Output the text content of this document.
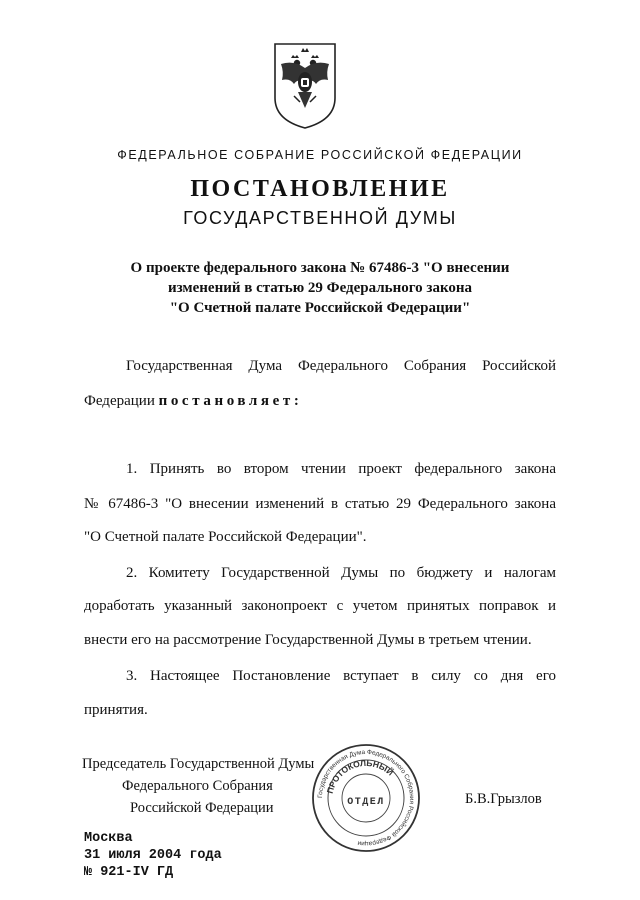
ФЕДЕРАЛЬНОЕ СОБРАНИЕ РОССИЙСКОЙ ФЕДЕРАЦИИ
ПОСТАНОВЛЕНИЕ
ГОСУДАРСТВЕННОЙ ДУМЫ
О проекте федерального закона № 67486-3 "О внесении
изменений в статью 29 Федерального закона
"О Счетной палате Российской Федерации"
Государственная Дума Федерального Собрания Российской
Федерации постановляет:
1. Принять во втором чтении проект федерального закона
№ 67486-3 "О внесении изменений в статью 29 Федерального закона
"О Счетной палате Российской Федерации".
2. Комитету Государственной Думы по бюджету и налогам
доработать указанный законопроект с учетом принятых поправок и
внести его на рассмотрение Государственной Думы в третьем чтении.
3. Настоящее Постановление вступает в силу со дня его
принятия.
Председатель Государственной Думы
Федерального Собрания
Российской Федерации
Государственная Дума Федерального Собрания Российской Федерации
ПРОТОКОЛЬНЫЙ
ОТДЕЛ	Б.В.Грызлов
Москва
31 июля 2004 года
№ 921-IV ГД
